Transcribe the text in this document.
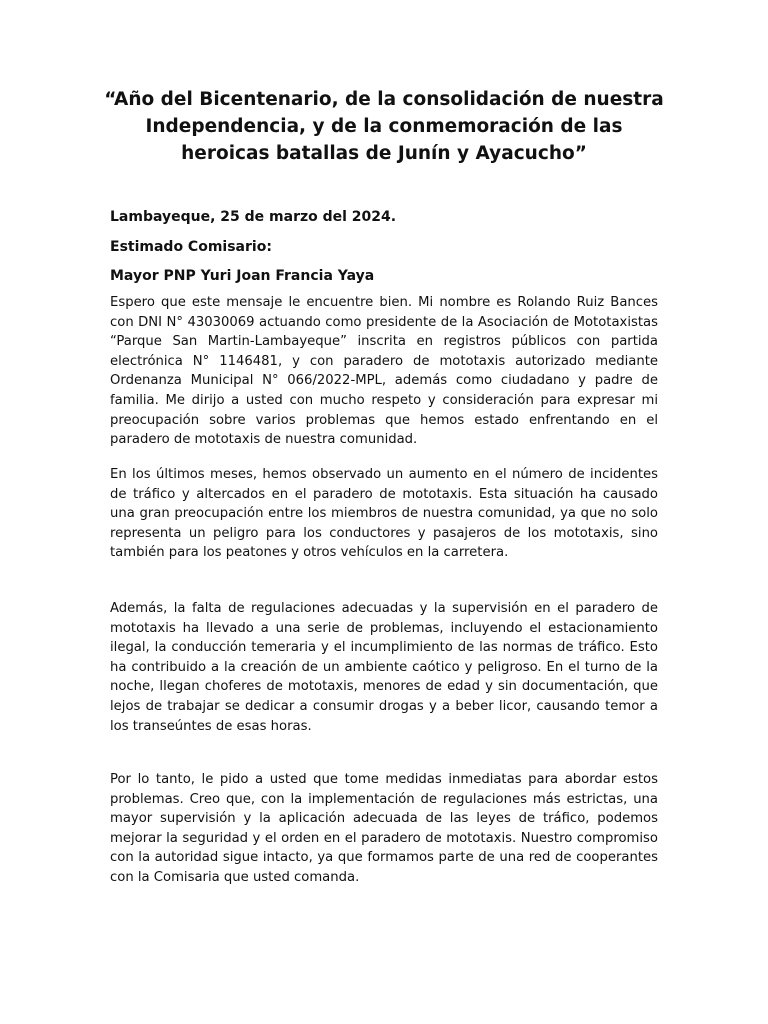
“Año del Bicentenario, de la consolidación de nuestra Independencia, y de la conmemoración de las heroicas batallas de Junín y Ayacucho”

Lambayeque, 25 de marzo del 2024.

Estimado Comisario:

Mayor PNP Yuri Joan Francia Yaya

Espero que este mensaje le encuentre bien. Mi nombre es Rolando Ruiz Bances con DNI N° 43030069 actuando como presidente de la Asociación de Mototaxistas “Parque San Martin-Lambayeque” inscrita en registros públicos con partida electrónica N° 1146481, y con paradero de mototaxis autorizado mediante Ordenanza Municipal N° 066/2022-MPL, además como ciudadano y padre de familia. Me dirijo a usted con mucho respeto y consideración para expresar mi preocupación sobre varios problemas que hemos estado enfrentando en el paradero de mototaxis de nuestra comunidad.

En los últimos meses, hemos observado un aumento en el número de incidentes de tráfico y altercados en el paradero de mototaxis. Esta situación ha causado una gran preocupación entre los miembros de nuestra comunidad, ya que no solo representa un peligro para los conductores y pasajeros de los mototaxis, sino también para los peatones y otros vehículos en la carretera.

Además, la falta de regulaciones adecuadas y la supervisión en el paradero de mototaxis ha llevado a una serie de problemas, incluyendo el estacionamiento ilegal, la conducción temeraria y el incumplimiento de las normas de tráfico. Esto ha contribuido a la creación de un ambiente caótico y peligroso. En el turno de la noche, llegan choferes de mototaxis, menores de edad y sin documentación, que lejos de trabajar se dedicar a consumir drogas y a beber licor, causando temor a los transeúntes de esas horas.

Por lo tanto, le pido a usted que tome medidas inmediatas para abordar estos problemas. Creo que, con la implementación de regulaciones más estrictas, una mayor supervisión y la aplicación adecuada de las leyes de tráfico, podemos mejorar la seguridad y el orden en el paradero de mototaxis. Nuestro compromiso con la autoridad sigue intacto, ya que formamos parte de una red de cooperantes con la Comisaria que usted comanda.
